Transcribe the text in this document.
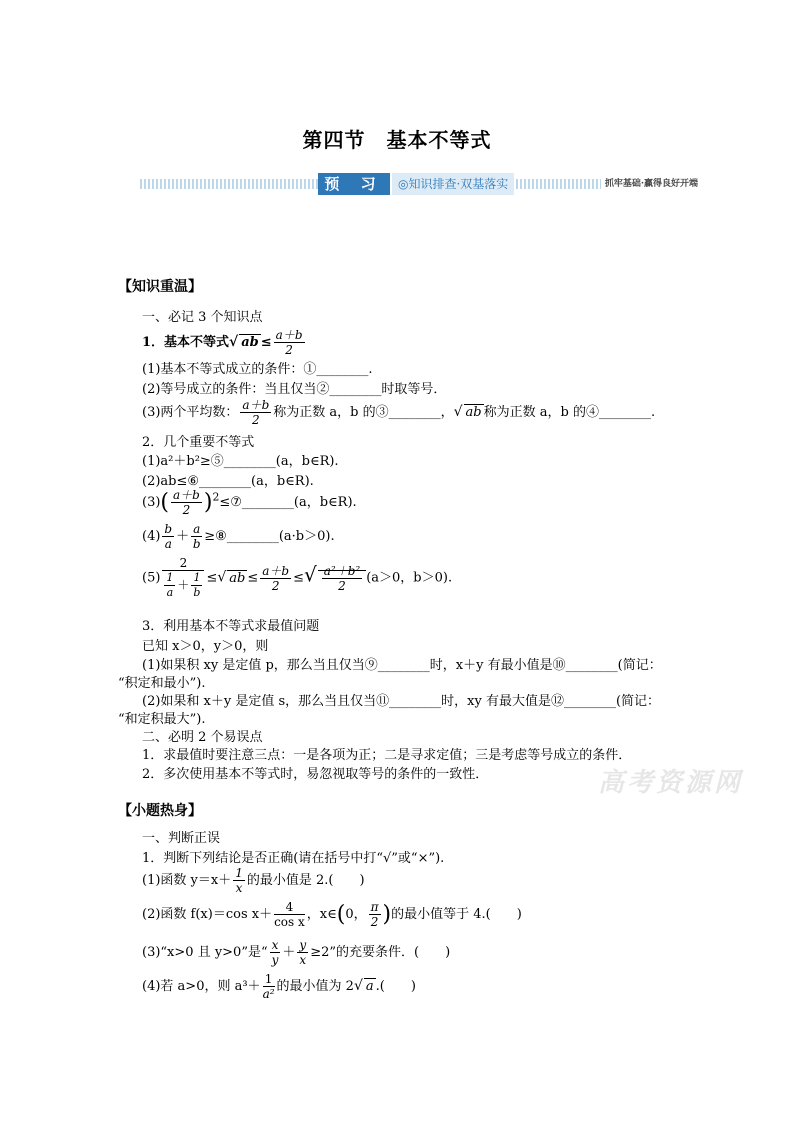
第四节　基本不等式
预 习	◎知识排查·双基落实	抓牢基础·赢得良好开端
【知识重温】
一、必记 3 个知识点
1．基本不等式√ ab ≤ $\frac{a+b}{2}$
(1)基本不等式成立的条件：①________.
(2)等号成立的条件：当且仅当②________时取等号．
(3)两个平均数： $\frac{a+b}{2}$ 称为正数 a，b 的③________，√ ab 称为正数 a，b 的④________.
2．几个重要不等式
(1)a²＋b²≥⑤________(a，b∈R).
(2)ab≤⑥________(a，b∈R).
$(3)( \frac{a+b}{2}$ )$^2\le ⑦\_\_\_\_\_\_\_\_(a$，b∈R).
$(4) \frac{b}{a} + \frac{a}{b}$ ≥⑧________(a·b＞0).
$(5) \frac{2}{\frac{1}{a} + \frac{1}{b}}$ ≤√ ab ≤ $\frac{a+b}{2}$ ≤√ $\frac{\text{a²＋b²}}{2} (a>0$，b＞0).
3．利用基本不等式求最值问题
已知 x＞0，y＞0，则
(1)如果积 xy 是定值 p，那么当且仅当⑨________时，x＋y 有最小值是⑩________(简记：
“积定和最小”).
(2)如果和 x＋y 是定值 s，那么当且仅当⑪________时，xy 有最大值是⑫________(简记：
“和定积最大”).
二、必明 2 个易误点
1．求最值时要注意三点：一是各项为正；二是寻求定值；三是考虑等号成立的条件．
2．多次使用基本不等式时，易忽视取等号的条件的一致性．	高考资源网
【小题热身】
一、判断正误
1．判断下列结论是否正确(请在括号中打“√”或“×”).
(1)函数 $y=x+ \frac{1}{x}$ 的最小值是 2.(　　)
(2)函数 f(x)＝cos $x+ \frac{4}{\text{cos x}}$ ，x∈(0， $\frac{\pi}{2}$ )的最小值等于 4.(　　)
(3)“x>0 且 y>0”是“ $\frac{x}{y} + \frac{y}{x} \ge 2$”的充要条件．(　　)
(4)若 a>0，则 $a^3+ \frac{1}{\text{a²}}$ 的最小值为 2√ a .(　　)
